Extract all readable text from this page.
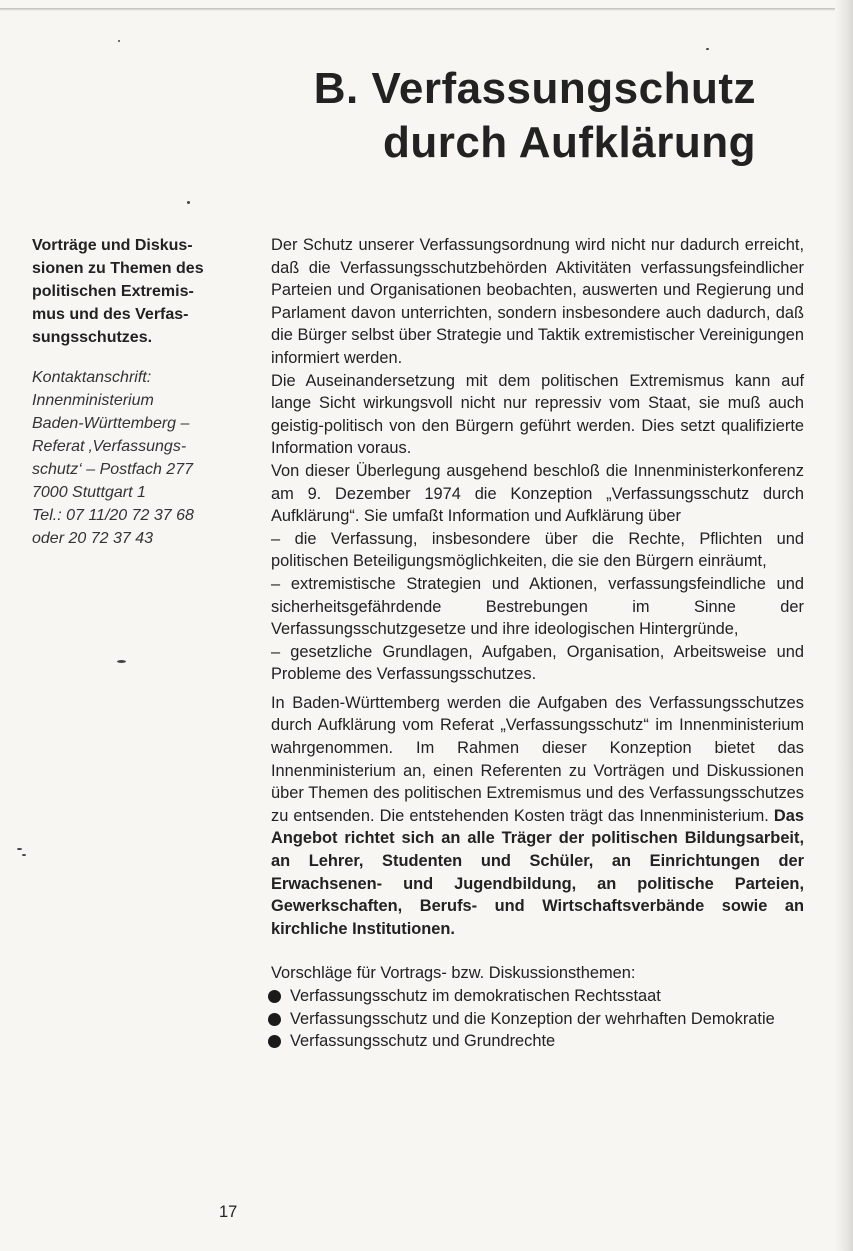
B. Verfassungschutz
durch Aufklärung
Vorträge und Diskus-
sionen zu Themen des
politischen Extremis-
mus und des Verfas-
sungsschutzes.
Kontaktanschrift:
Innenministerium
Baden-Württemberg –
Referat ‚Verfassungs-
schutz‘ – Postfach 277
7000 Stuttgart 1
Tel.: 07 11/20 72 37 68
oder 20 72 37 43

Der Schutz unserer Verfassungsordnung wird nicht nur dadurch erreicht, daß die Verfassungsschutzbehörden Aktivitäten verfassungsfeindlicher Parteien und Organisationen beobachten, auswerten und Regierung und Parlament davon unterrichten, sondern insbesondere auch dadurch, daß die Bürger selbst über Strategie und Taktik extremistischer Vereinigungen informiert werden.

Die Auseinandersetzung mit dem politischen Extremismus kann auf lange Sicht wirkungsvoll nicht nur repressiv vom Staat, sie muß auch geistig-politisch von den Bürgern geführt werden. Dies setzt qualifizierte Information voraus.

Von dieser Überlegung ausgehend beschloß die Innenministerkonferenz am 9. Dezember 1974 die Konzeption „Verfassungsschutz durch Aufklärung“. Sie umfaßt Information und Aufklärung über

– die Verfassung, insbesondere über die Rechte, Pflichten und politischen Beteiligungsmöglichkeiten, die sie den Bürgern einräumt,

– extremistische Strategien und Aktionen, verfassungsfeindliche und sicherheitsgefährdende Bestrebungen im Sinne der Verfassungsschutzgesetze und ihre ideologischen Hintergründe,

– gesetzliche Grundlagen, Aufgaben, Organisation, Arbeitsweise und Probleme des Verfassungsschutzes.

In Baden-Württemberg werden die Aufgaben des Verfassungsschutzes durch Aufklärung vom Referat „Verfassungsschutz“ im Innenministerium wahrgenommen. Im Rahmen dieser Konzeption bietet das Innenministerium an, einen Referenten zu Vorträgen und Diskussionen über Themen des politischen Extremismus und des Verfassungsschutzes zu entsenden. Die entstehenden Kosten trägt das Innenministerium. Das Angebot richtet sich an alle Träger der politischen Bildungsarbeit, an Lehrer, Studenten und Schüler, an Einrichtungen der Erwachsenen- und Jugendbildung, an politische Parteien, Gewerkschaften, Berufs- und Wirtschaftsverbände sowie an kirchliche Institutionen.

Vorschläge für Vortrags- bzw. Diskussionsthemen:

Verfassungsschutz im demokratischen Rechtsstaat
Verfassungsschutz und die Konzeption der wehrhaften Demokratie
Verfassungsschutz und Grundrechte
17
